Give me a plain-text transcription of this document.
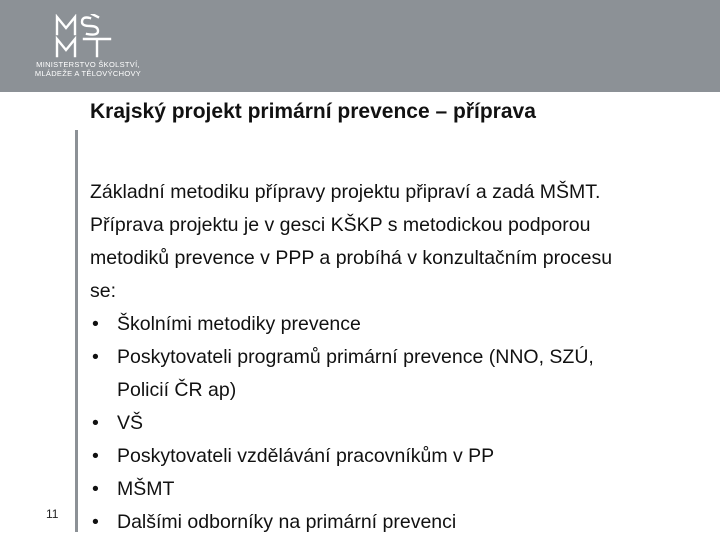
MINISTERSTVO ŠKOLSTVÍ,
MLÁDEŽE A TĚLOVÝCHOVY
Krajský projekt primární prevence – příprava

Základní metodiku přípravy projektu připraví a zadá MŠMT.
Příprava projektu je v gesci KŠKP s metodickou podporou
metodiků prevence v PPP a probíhá v konzultačním procesu
se:

• Školními metodiky prevence
• Poskytovateli programů primární prevence (NNO, SZÚ,
Policií ČR ap)
• VŠ
• Poskytovateli vzdělávání pracovníkům v PP
• MŠMT
• Dalšími odborníky na primární prevenci
11
